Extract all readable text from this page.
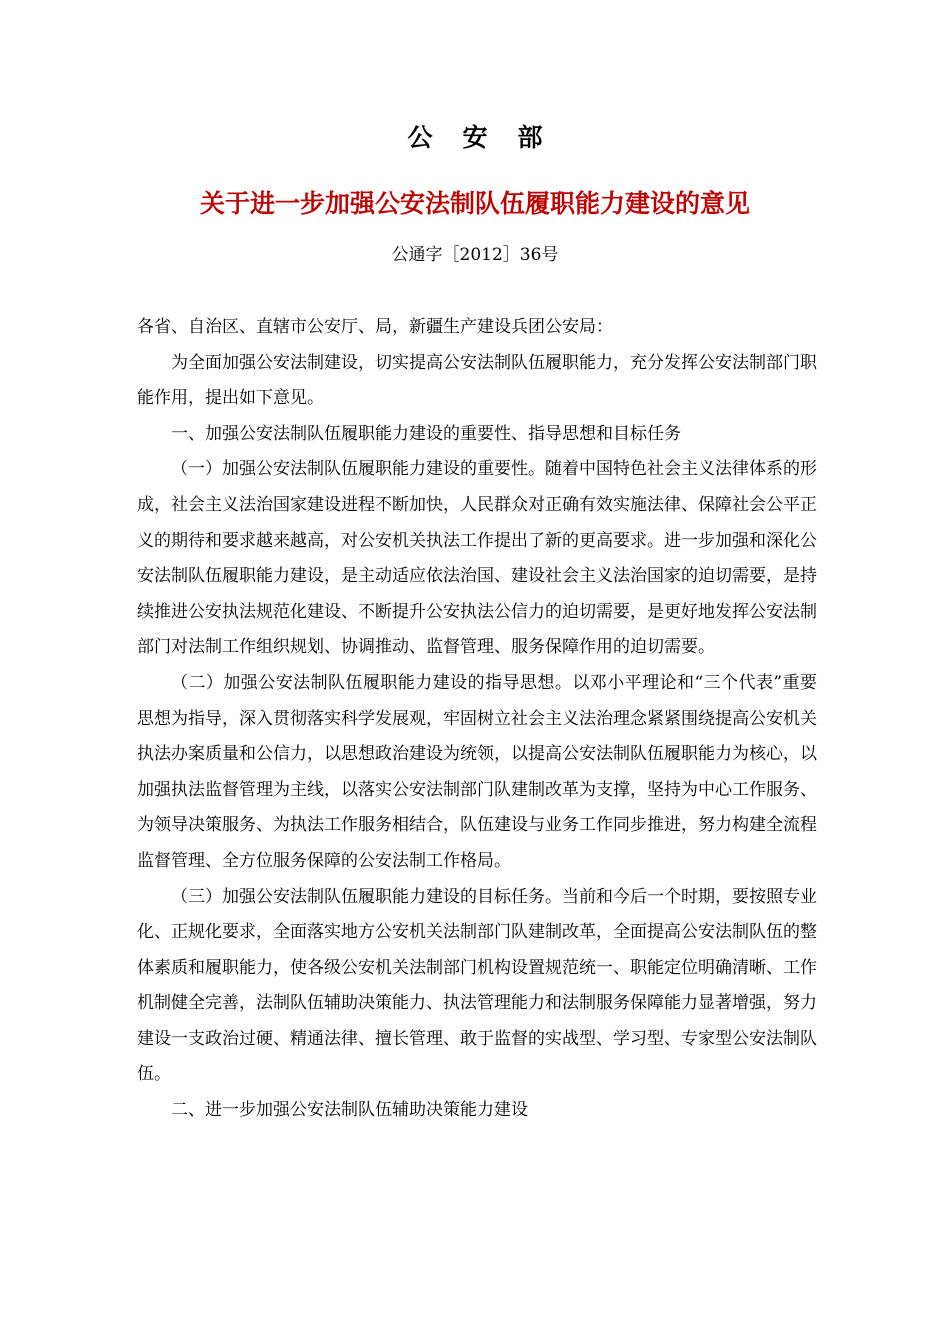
公 安 部
关于进一步加强公安法制队伍履职能力建设的意见
公通字［2012］36号

各省、自治区、直辖市公安厅、局，新疆生产建设兵团公安局：

为全面加强公安法制建设，切实提高公安法制队伍履职能力，充分发挥公安法制部门职能作用，提出如下意见。

一、加强公安法制队伍履职能力建设的重要性、指导思想和目标任务

（一）加强公安法制队伍履职能力建设的重要性。随着中国特色社会主义法律体系的形成，社会主义法治国家建设进程不断加快，人民群众对正确有效实施法律、保障社会公平正义的期待和要求越来越高，对公安机关执法工作提出了新的更高要求。进一步加强和深化公安法制队伍履职能力建设，是主动适应依法治国、建设社会主义法治国家的迫切需要，是持续推进公安执法规范化建设、不断提升公安执法公信力的迫切需要，是更好地发挥公安法制部门对法制工作组织规划、协调推动、监督管理、服务保障作用的迫切需要。

（二）加强公安法制队伍履职能力建设的指导思想。以邓小平理论和“三个代表”重要思想为指导，深入贯彻落实科学发展观，牢固树立社会主义法治理念紧紧围绕提高公安机关执法办案质量和公信力，以思想政治建设为统领，以提高公安法制队伍履职能力为核心，以加强执法监督管理为主线，以落实公安法制部门队建制改革为支撑，坚持为中心工作服务、为领导决策服务、为执法工作服务相结合，队伍建设与业务工作同步推进，努力构建全流程监督管理、全方位服务保障的公安法制工作格局。

（三）加强公安法制队伍履职能力建设的目标任务。当前和今后一个时期，要按照专业化、正规化要求，全面落实地方公安机关法制部门队建制改革，全面提高公安法制队伍的整体素质和履职能力，使各级公安机关法制部门机构设置规范统一、职能定位明确清晰、工作机制健全完善，法制队伍辅助决策能力、执法管理能力和法制服务保障能力显著增强，努力建设一支政治过硬、精通法律、擅长管理、敢于监督的实战型、学习型、专家型公安法制队伍。

二、进一步加强公安法制队伍辅助决策能力建设
